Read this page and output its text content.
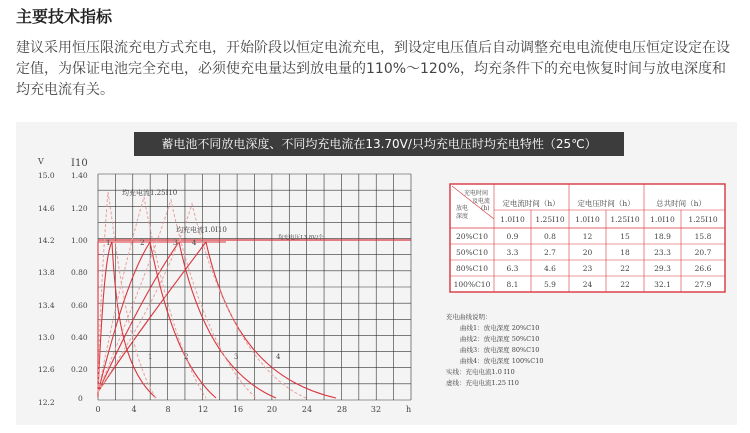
主要技术指标
建议采用恒压限流充电方式充电，开始阶段以恒定电流充电，到设定电压值后自动调整充电电流使电压恒定设定在设定值，为保证电池完全充电，必须使充电量达到放电量的110%～120%，均充条件下的充电恢复时间与放电深度和均充电流有关。
蓄电池不同放电深度、不同均充电流在13.70V/只均充电压时均充电特性（25℃）
V	I10
h
15.0
14.6
14.2
13.8
13.4
13.0
12.6
12.2
1.40
1.20
1.00
0.80
0.60
0.40
0.20
0
0	4	8	12	16	20	24	28	32
均充电流1.25I10
均充电流1.0I10
均充电压13.8V/个
1	2	3 4
1	2	3	4
充电时间
及电流
(h)
放电
深度
定电流时间（h） 定电压时间（h）	总共时间（h）
1.0I10 1.25I10 1.0I10 1.25I10 1.0I10 1.25I10
20%C10 0.9	0.8	12	15	18.9	15.8
50%C10 3.3	2.7	20	18	23.3	20.7
80%C10 6.3	4.6	23	22	29.3	26.6
100%C10 8.1	5.9	24	22	32.1	27.9
充电曲线说明：
曲线1：放电深度 20%C10
曲线2：放电深度 50%C10
曲线3：放电深度 80%C10
曲线4：放电深度 100%C10
实线：充电电流1.0 I10
虚线：充电电流1.25 I10
